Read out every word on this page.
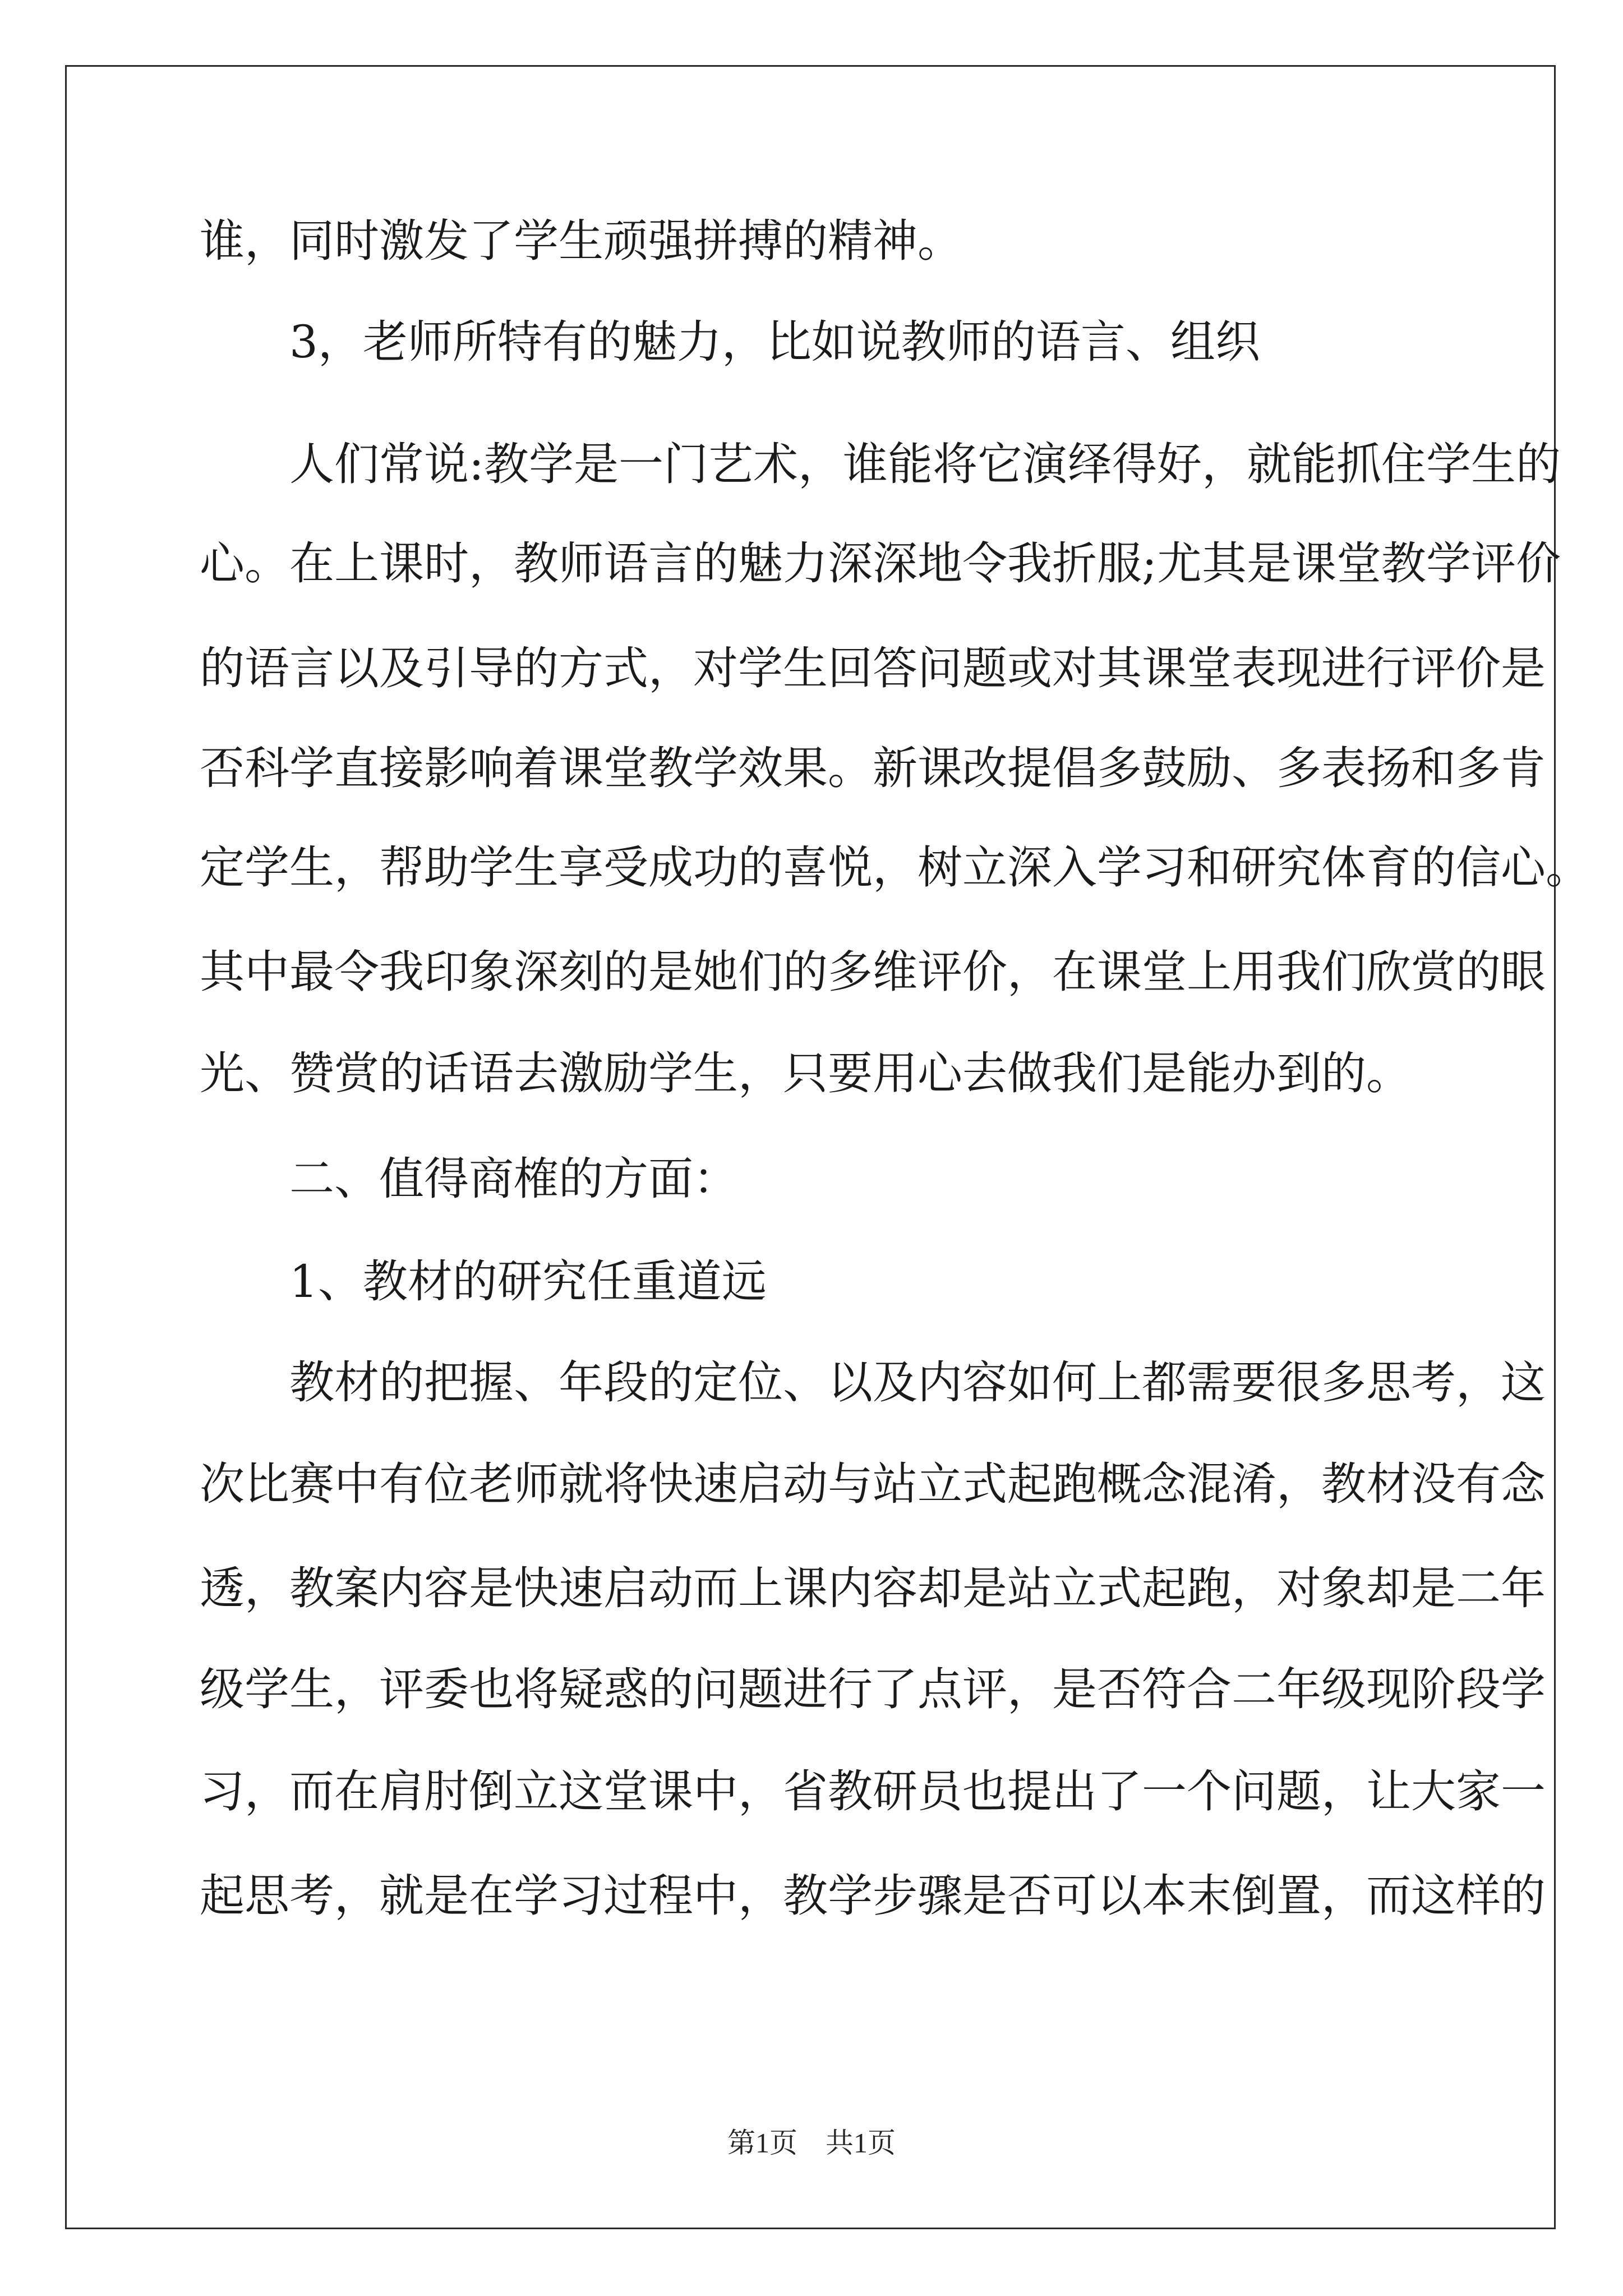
谁，同时激发了学生顽强拼搏的精神。
3，老师所特有的魅力，比如说教师的语言、组织
人们常说:教学是一门艺术，谁能将它演绎得好，就能抓住学生的
心。在上课时，教师语言的魅力深深地令我折服;尤其是课堂教学评价
的语言以及引导的方式，对学生回答问题或对其课堂表现进行评价是
否科学直接影响着课堂教学效果。新课改提倡多鼓励、多表扬和多肯
定学生，帮助学生享受成功的喜悦，树立深入学习和研究体育的信心。
其中最令我印象深刻的是她们的多维评价，在课堂上用我们欣赏的眼
光、赞赏的话语去激励学生，只要用心去做我们是能办到的。
二、值得商榷的方面：
1、教材的研究任重道远
教材的把握、年段的定位、以及内容如何上都需要很多思考，这
次比赛中有位老师就将快速启动与站立式起跑概念混淆，教材没有念
透，教案内容是快速启动而上课内容却是站立式起跑，对象却是二年
级学生，评委也将疑惑的问题进行了点评，是否符合二年级现阶段学
习，而在肩肘倒立这堂课中，省教研员也提出了一个问题，让大家一
起思考，就是在学习过程中，教学步骤是否可以本末倒置，而这样的
第1页　共1页
